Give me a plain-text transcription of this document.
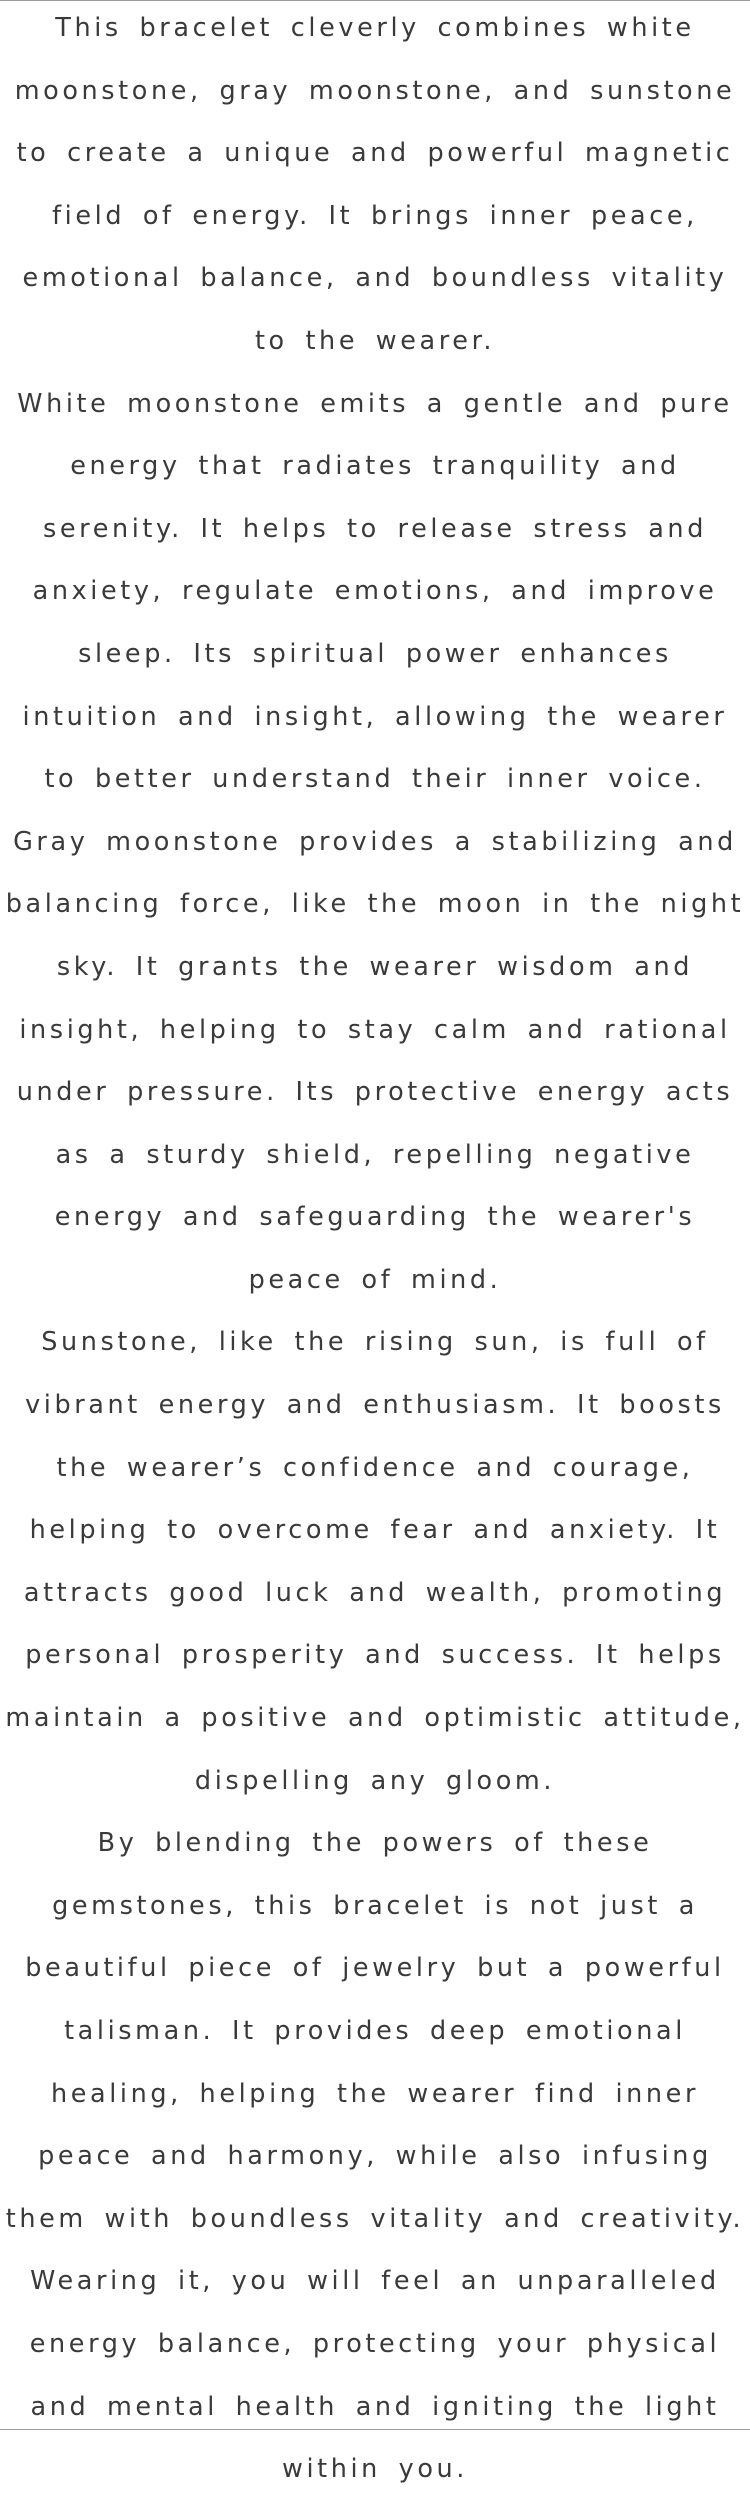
This bracelet cleverly combines white moonstone, gray moonstone, and sunstone to create a unique and powerful magnetic field of energy. It brings inner peace, emotional balance, and boundless vitality to the wearer.

White moonstone emits a gentle and pure energy that radiates tranquility and serenity. It helps to release stress and anxiety, regulate emotions, and improve sleep. Its spiritual power enhances intuition and insight, allowing the wearer to better understand their inner voice.

Gray moonstone provides a stabilizing and balancing force, like the moon in the night sky. It grants the wearer wisdom and insight, helping to stay calm and rational under pressure. Its protective energy acts as a sturdy shield, repelling negative energy and safeguarding the wearer's peace of mind.

Sunstone, like the rising sun, is full of vibrant energy and enthusiasm. It boosts the wearer’s confidence and courage, helping to overcome fear and anxiety. It attracts good luck and wealth, promoting personal prosperity and success. It helps maintain a positive and optimistic attitude, dispelling any gloom.

By blending the powers of these gemstones, this bracelet is not just a beautiful piece of jewelry but a powerful talisman. It provides deep emotional healing, helping the wearer find inner peace and harmony, while also infusing them with boundless vitality and creativity. Wearing it, you will feel an unparalleled energy balance, protecting your physical and mental health and igniting the light within you.
